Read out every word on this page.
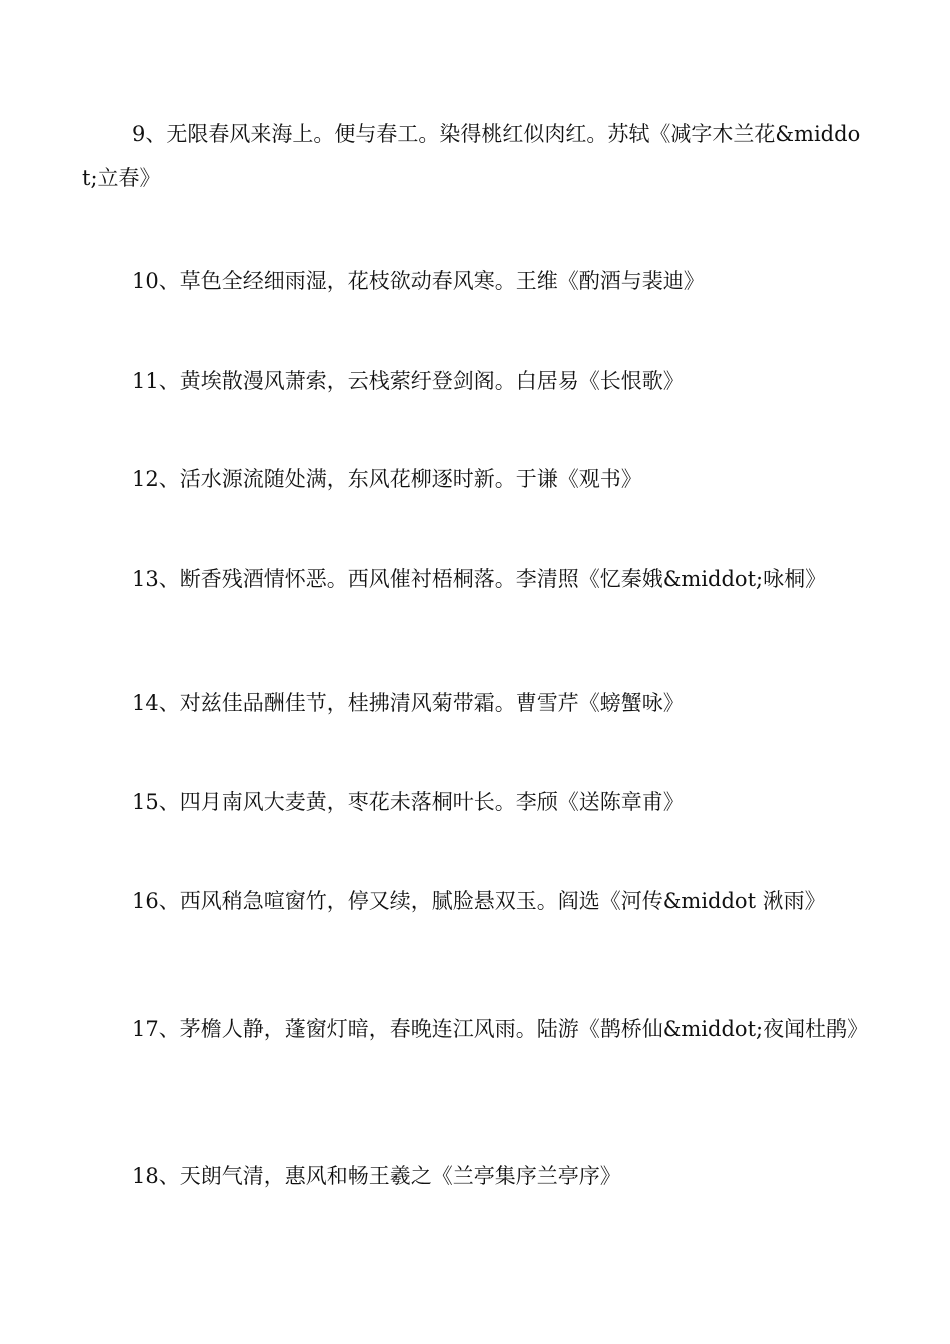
9、无限春风来海上。便与春工。染得桃红似肉红。苏轼《减字木兰花&middot;立春》

10、草色全经细雨湿，花枝欲动春风寒。王维《酌酒与裴迪》

11、黄埃散漫风萧索，云栈萦纡登剑阁。白居易《长恨歌》

12、活水源流随处满，东风花柳逐时新。于谦《观书》

13、断香残酒情怀恶。西风催衬梧桐落。李清照《忆秦娥&middot;咏桐》

14、对兹佳品酬佳节，桂拂清风菊带霜。曹雪芹《螃蟹咏》

15、四月南风大麦黄，枣花未落桐叶长。李颀《送陈章甫》

16、西风稍急喧窗竹，停又续，腻脸悬双玉。阎选《河传&middot 湫雨》

17、茅檐人静，蓬窗灯暗，春晚连江风雨。陆游《鹊桥仙&middot;夜闻杜鹃》

18、天朗气清，惠风和畅王羲之《兰亭集序兰亭序》
